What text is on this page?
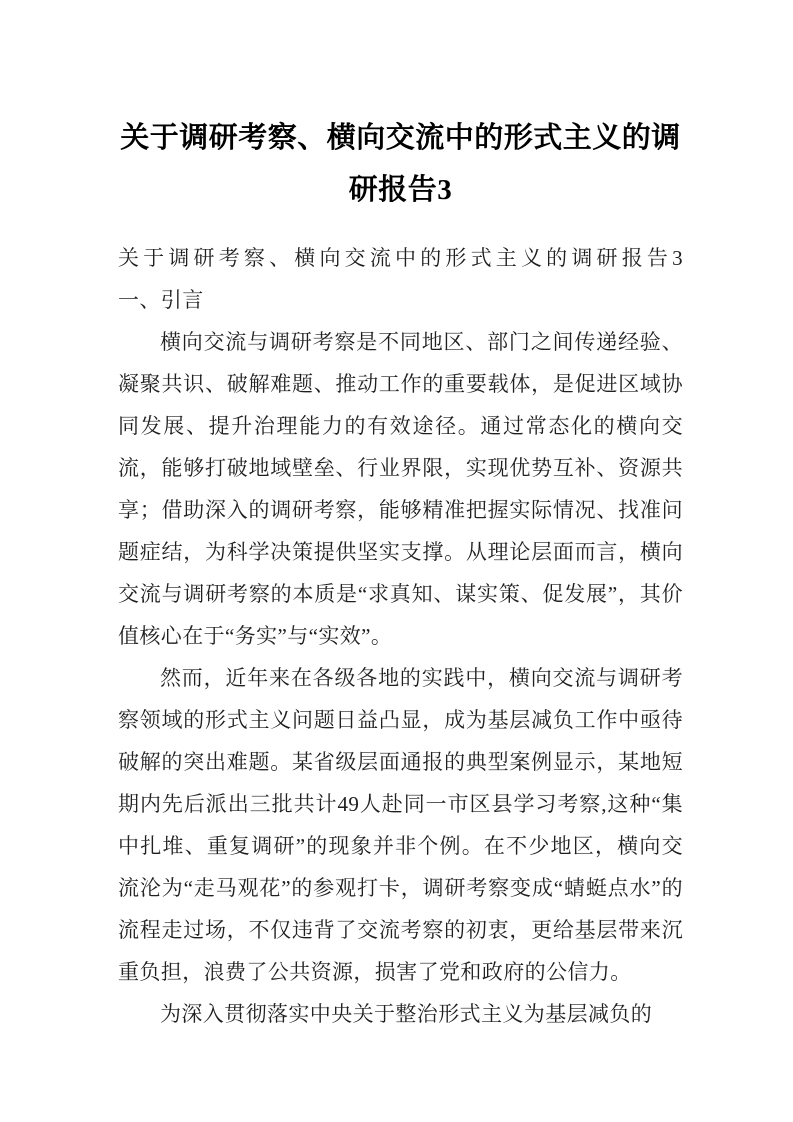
关于调研考察、横向交流中的形式主义的调研报告3

关于调研考察、横向交流中的形式主义的调研报告3　　一、引言

横向交流与调研考察是不同地区、部门之间传递经验、凝聚共识、破解难题、推动工作的重要载体，是促进区域协同发展、提升治理能力的有效途径。通过常态化的横向交流，能够打破地域壁垒、行业界限，实现优势互补、资源共享；借助深入的调研考察，能够精准把握实际情况、找准问题症结，为科学决策提供坚实支撑。从理论层面而言，横向交流与调研考察的本质是“求真知、谋实策、促发展”，其价值核心在于“务实”与“实效”。

然而，近年来在各级各地的实践中，横向交流与调研考察领域的形式主义问题日益凸显，成为基层减负工作中亟待破解的突出难题。某省级层面通报的典型案例显示，某地短期内先后派出三批共计49人赴同一市区县学习考察,这种“集中扎堆、重复调研”的现象并非个例。在不少地区，横向交流沦为“走马观花”的参观打卡，调研考察变成“蜻蜓点水”的流程走过场，不仅违背了交流考察的初衷，更给基层带来沉重负担，浪费了公共资源，损害了党和政府的公信力。

为深入贯彻落实中央关于整治形式主义为基层减负的
